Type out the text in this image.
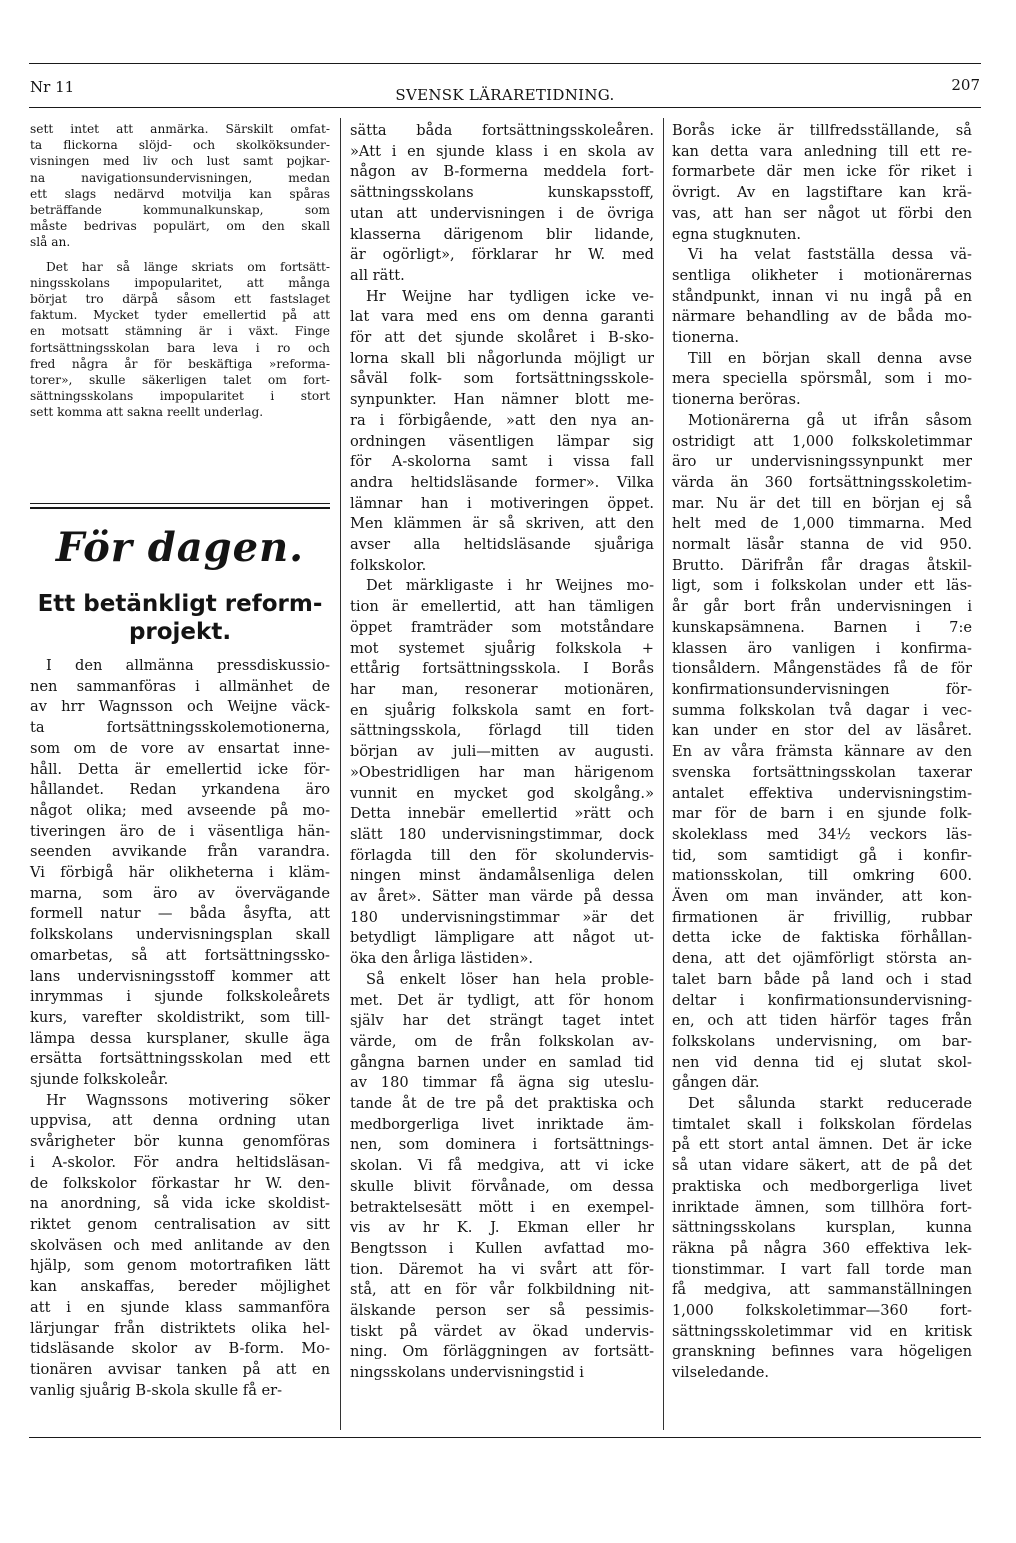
Nr 11	SVENSK LÄRARETIDNING.
207

sett intet att anmärka. Särskilt omfat-
ta flickorna slöjd- och skolköksunder-
visningen med liv och lust samt pojkar-
na navigationsundervisningen, medan
ett slags nedärvd motvilja kan spåras
beträffande kommunalkunskap, som
måste bedrivas populärt, om den skall
slå an.

Det har så länge skriats om fortsätt-
ningsskolans impopularitet, att många
börjat tro därpå såsom ett fastslaget
faktum. Mycket tyder emellertid på att
en motsatt stämning är i växt. Finge
fortsättningsskolan bara leva i ro och
fred några år för beskäftiga »reforma-
torer», skulle säkerligen talet om fort-
sättningsskolans impopularitet i stort
sett komma att sakna reellt underlag.

För dagen.
Ett betänkligt reform-
projekt.

I den allmänna pressdiskussio-
nen sammanföras i allmänhet de
av hrr Wagnsson och Weijne väck-
ta fortsättningsskolemotionerna,
som om de vore av ensartat inne-
håll. Detta är emellertid icke för-
hållandet. Redan yrkandena äro
något olika; med avseende på mo-
tiveringen äro de i väsentliga hän-
seenden avvikande från varandra.
Vi förbigå här olikheterna i kläm-
marna, som äro av övervägande
formell natur — båda åsyfta, att
folkskolans undervisningsplan skall
omarbetas, så att fortsättningssko-
lans undervisningsstoff kommer att
inrymmas i sjunde folkskoleårets
kurs, varefter skoldistrikt, som till-
lämpa dessa kursplaner, skulle äga
ersätta fortsättningsskolan med ett
sjunde folkskoleår.

Hr Wagnssons motivering söker
uppvisa, att denna ordning utan
svårigheter bör kunna genomföras
i A-skolor. För andra heltidsläsan-
de folkskolor förkastar hr W. den-
na anordning, så vida icke skoldist-
riktet genom centralisation av sitt
skolväsen och med anlitande av den
hjälp, som genom motortrafiken lätt
kan anskaffas, bereder möjlighet
att i en sjunde klass sammanföra
lärjungar från distriktets olika hel-
tidsläsande skolor av B-form. Mo-
tionären avvisar tanken på att en
vanlig sjuårig B-skola skulle få er-

sätta båda fortsättningsskoleåren.
»Att i en sjunde klass i en skola av
någon av B-formerna meddela fort-
sättningsskolans kunskapsstoff,
utan att undervisningen i de övriga
klasserna därigenom blir lidande,
är ogörligt», förklarar hr W. med
all rätt.

Hr Weijne har tydligen icke ve-
lat vara med ens om denna garanti
för att det sjunde skolåret i B-sko-
lorna skall bli någorlunda möjligt ur
såväl folk- som fortsättningsskole-
synpunkter. Han nämner blott me-
ra i förbigående, »att den nya an-
ordningen väsentligen lämpar sig
för A-skolorna samt i vissa fall
andra heltidsläsande former». Vilka
lämnar han i motiveringen öppet.
Men klämmen är så skriven, att den
avser alla heltidsläsande sjuåriga
folkskolor.

Det märkligaste i hr Weijnes mo-
tion är emellertid, att han tämligen
öppet framträder som motståndare
mot systemet sjuårig folkskola +
ettårig fortsättningsskola. I Borås
har man, resonerar motionären,
en sjuårig folkskola samt en fort-
sättningsskola, förlagd till tiden
början av juli—mitten av augusti.
»Obestridligen har man härigenom
vunnit en mycket god skolgång.»
Detta innebär emellertid »rätt och
slätt 180 undervisningstimmar, dock
förlagda till den för skolundervis-
ningen minst ändamålsenliga delen
av året». Sätter man värde på dessa
180 undervisningstimmar »är det
betydligt lämpligare att något ut-
öka den årliga lästiden».

Så enkelt löser han hela proble-
met. Det är tydligt, att för honom
själv har det strängt taget intet
värde, om de från folkskolan av-
gångna barnen under en samlad tid
av 180 timmar få ägna sig uteslu-
tande åt de tre på det praktiska och
medborgerliga livet inriktade äm-
nen, som dominera i fortsättnings-
skolan. Vi få medgiva, att vi icke
skulle blivit förvånade, om dessa
betraktelsesätt mött i en exempel-
vis av hr K. J. Ekman eller hr
Bengtsson i Kullen avfattad mo-
tion. Däremot ha vi svårt att för-
stå, att en för vår folkbildning nit-
älskande person ser så pessimis-
tiskt på värdet av ökad undervis-
ning. Om förläggningen av fortsätt-
ningsskolans undervisningstid i

Borås icke är tillfredsställande, så
kan detta vara anledning till ett re-
formarbete där men icke för riket i
övrigt. Av en lagstiftare kan krä-
vas, att han ser något ut förbi den
egna stugknuten.

Vi ha velat fastställa dessa vä-
sentliga olikheter i motionärernas
ståndpunkt, innan vi nu ingå på en
närmare behandling av de båda mo-
tionerna.

Till en början skall denna avse
mera speciella spörsmål, som i mo-
tionerna beröras.

Motionärerna gå ut ifrån såsom
ostridigt att 1,000 folkskoletimmar
äro ur undervisningssynpunkt mer
värda än 360 fortsättningsskoletim-
mar. Nu är det till en början ej så
helt med de 1,000 timmarna. Med
normalt läsår stanna de vid 950.
Brutto. Därifrån får dragas åtskil-
ligt, som i folkskolan under ett läs-
år går bort från undervisningen i
kunskapsämnena. Barnen i 7:e
klassen äro vanligen i konfirma-
tionsåldern. Mångenstädes få de för
konfirmationsundervisningen för-
summa folkskolan två dagar i vec-
kan under en stor del av läsåret.
En av våra främsta kännare av den
svenska fortsättningsskolan taxerar
antalet effektiva undervisningstim-
mar för de barn i en sjunde folk-
skoleklass med 34½ veckors läs-
tid, som samtidigt gå i konfir-
mationsskolan, till omkring 600.
Även om man invänder, att kon-
firmationen är frivillig, rubbar
detta icke de faktiska förhållan-
dena, att det ojämförligt största an-
talet barn både på land och i stad
deltar i konfirmationsundervisning-
en, och att tiden härför tages från
folkskolans undervisning, om bar-
nen vid denna tid ej slutat skol-
gången där.

Det sålunda starkt reducerade
timtalet skall i folkskolan fördelas
på ett stort antal ämnen. Det är icke
så utan vidare säkert, att de på det
praktiska och medborgerliga livet
inriktade ämnen, som tillhöra fort-
sättningsskolans kursplan, kunna
räkna på några 360 effektiva lek-
tionstimmar. I vart fall torde man
få medgiva, att sammanställningen
1,000 folkskoletimmar—360 fort-
sättningsskoletimmar vid en kritisk
granskning befinnes vara högeligen
vilseledande.
